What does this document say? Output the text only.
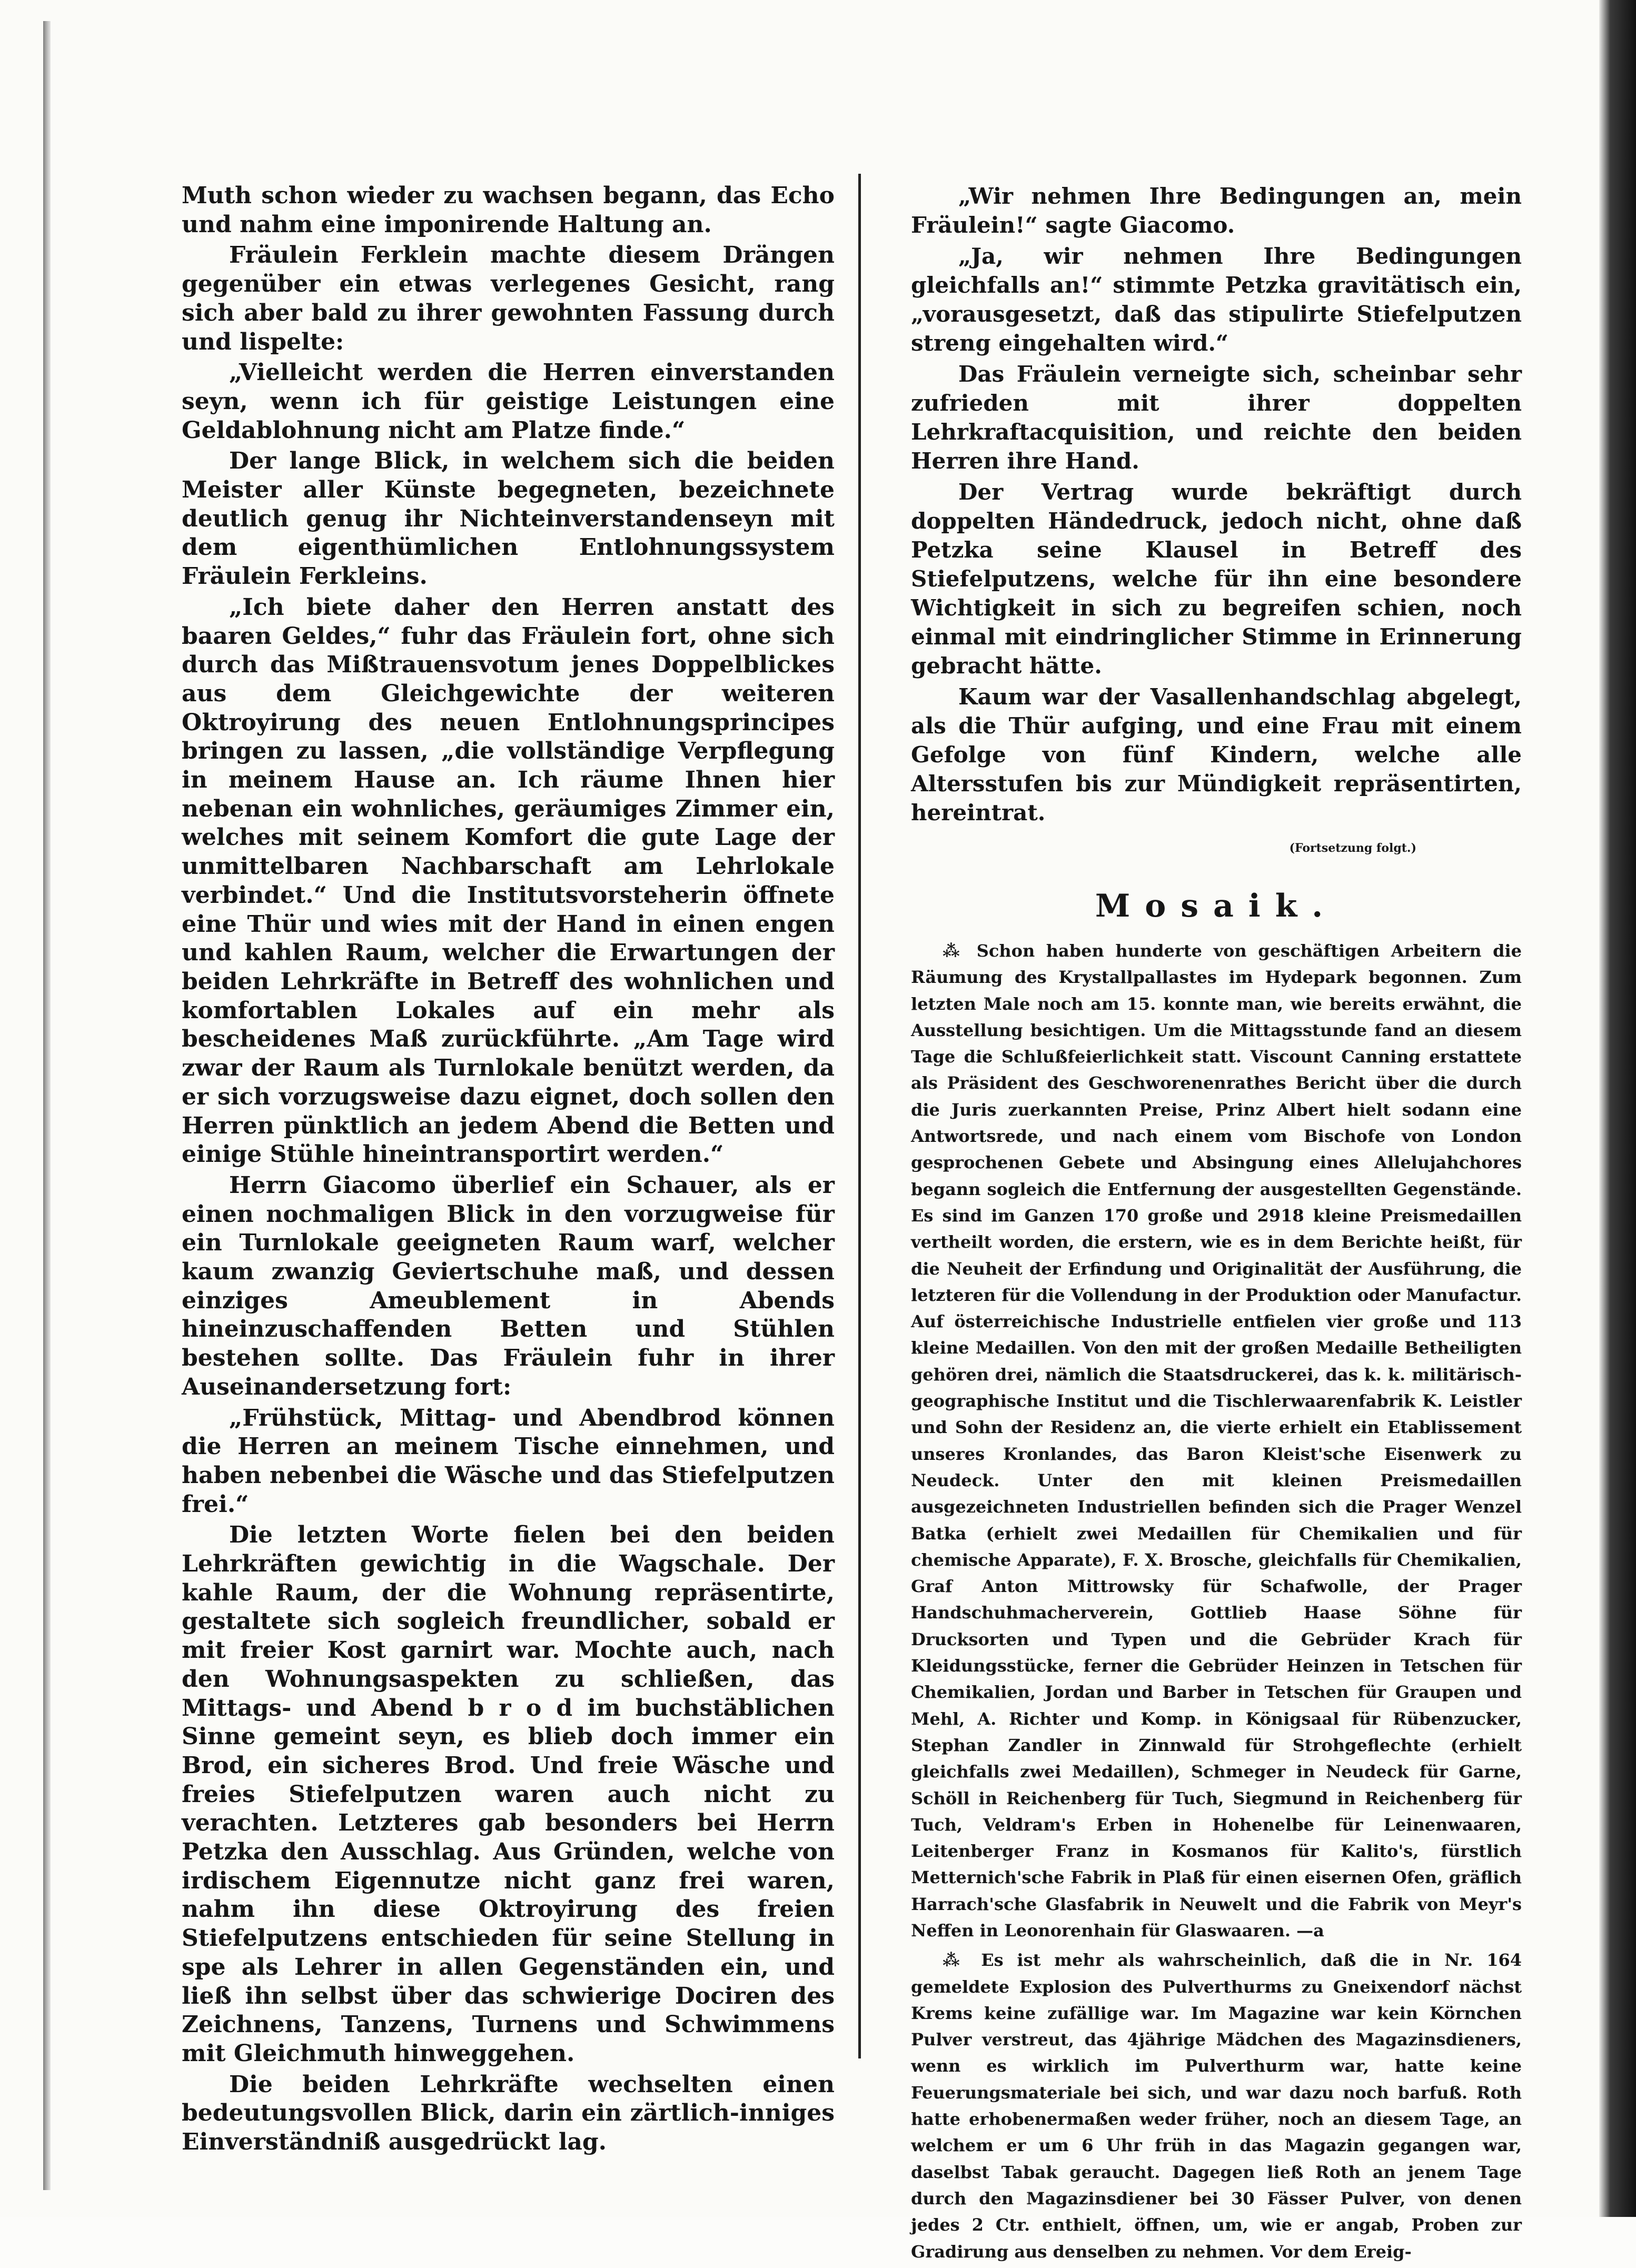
Muth schon wieder zu wachsen begann, das Echo und nahm eine imponirende Haltung an.

Fräulein Ferklein machte diesem Drängen gegenüber ein etwas verlegenes Gesicht, rang sich aber bald zu ihrer gewohnten Fassung durch und lispelte:

„Vielleicht werden die Herren einverstanden seyn, wenn ich für geistige Leistungen eine Geldablohnung nicht am Platze finde.“

Der lange Blick, in welchem sich die beiden Meister aller Künste begegneten, bezeichnete deutlich genug ihr Nichteinverstandenseyn mit dem eigenthümlichen Entlohnungssystem Fräulein Ferkleins.

„Ich biete daher den Herren anstatt des baaren Geldes,“ fuhr das Fräulein fort, ohne sich durch das Mißtrauensvotum jenes Doppelblickes aus dem Gleichgewichte der weiteren Oktroyirung des neuen Entlohnungsprincipes bringen zu lassen, „die vollständige Verpflegung in meinem Hause an. Ich räume Ihnen hier nebenan ein wohnliches, geräumiges Zimmer ein, welches mit seinem Komfort die gute Lage der unmittelbaren Nachbarschaft am Lehrlokale verbindet.“ Und die Institutsvorsteherin öffnete eine Thür und wies mit der Hand in einen engen und kahlen Raum, welcher die Erwartungen der beiden Lehrkräfte in Betreff des wohnlichen und komfortablen Lokales auf ein mehr als bescheidenes Maß zurückführte. „Am Tage wird zwar der Raum als Turnlokale benützt werden, da er sich vorzugsweise dazu eignet, doch sollen den Herren pünktlich an jedem Abend die Betten und einige Stühle hineintransportirt werden.“

Herrn Giacomo überlief ein Schauer, als er einen nochmaligen Blick in den vorzugweise für ein Turnlokale geeigneten Raum warf, welcher kaum zwanzig Geviertschuhe maß, und dessen einziges Ameublement in Abends hineinzuschaffenden Betten und Stühlen bestehen sollte. Das Fräulein fuhr in ihrer Auseinandersetzung fort:

„Frühstück, Mittag- und Abendbrod können die Herren an meinem Tische einnehmen, und haben nebenbei die Wäsche und das Stiefelputzen frei.“

Die letzten Worte fielen bei den beiden Lehrkräften gewichtig in die Wagschale. Der kahle Raum, der die Wohnung repräsentirte, gestaltete sich sogleich freundlicher, sobald er mit freier Kost garnirt war. Mochte auch, nach den Wohnungsaspekten zu schließen, das Mittags- und Abend b r o d im buchstäblichen Sinne gemeint seyn, es blieb doch immer ein Brod, ein sicheres Brod. Und freie Wäsche und freies Stiefelputzen waren auch nicht zu verachten. Letzteres gab besonders bei Herrn Petzka den Ausschlag. Aus Gründen, welche von irdischem Eigennutze nicht ganz frei waren, nahm ihn diese Oktroyirung des freien Stiefelputzens entschieden für seine Stellung in spe als Lehrer in allen Gegenständen ein, und ließ ihn selbst über das schwierige Dociren des Zeichnens, Tanzens, Turnens und Schwimmens mit Gleichmuth hinweggehen.

Die beiden Lehrkräfte wechselten einen bedeutungsvollen Blick, darin ein zärtlich-inniges Einverständniß ausgedrückt lag.

„Wir nehmen Ihre Bedingungen an, mein Fräulein!“ sagte Giacomo.

„Ja, wir nehmen Ihre Bedingungen gleichfalls an!“ stimmte Petzka gravitätisch ein, „vorausgesetzt, daß das stipulirte Stiefelputzen streng eingehalten wird.“

Das Fräulein verneigte sich, scheinbar sehr zufrieden mit ihrer doppelten Lehrkraftacquisition, und reichte den beiden Herren ihre Hand.

Der Vertrag wurde bekräftigt durch doppelten Händedruck, jedoch nicht, ohne daß Petzka seine Klausel in Betreff des Stiefelputzens, welche für ihn eine besondere Wichtigkeit in sich zu begreifen schien, noch einmal mit eindringlicher Stimme in Erinnerung gebracht hätte.

Kaum war der Vasallenhandschlag abgelegt, als die Thür aufging, und eine Frau mit einem Gefolge von fünf Kindern, welche alle Altersstufen bis zur Mündigkeit repräsentirten, hereintrat.

(Fortsetzung folgt.)
Mosaik.

⁂ Schon haben hunderte von geschäftigen Arbeitern die Räumung des Krystallpallastes im Hydepark begonnen. Zum letzten Male noch am 15. konnte man, wie bereits erwähnt, die Ausstellung besichtigen. Um die Mittagsstunde fand an diesem Tage die Schlußfeierlichkeit statt. Viscount Canning erstattete als Präsident des Geschworenenrathes Bericht über die durch die Juris zuerkannten Preise, Prinz Albert hielt sodann eine Antwortsrede, und nach einem vom Bischofe von London gesprochenen Gebete und Absingung eines Allelujahchores begann sogleich die Entfernung der ausgestellten Gegenstände. Es sind im Ganzen 170 große und 2918 kleine Preismedaillen vertheilt worden, die erstern, wie es in dem Berichte heißt, für die Neuheit der Erfindung und Originalität der Ausführung, die letzteren für die Vollendung in der Produktion oder Manufactur. Auf österreichische Industrielle entfielen vier große und 113 kleine Medaillen. Von den mit der großen Medaille Betheiligten gehören drei, nämlich die Staatsdruckerei, das k. k. militärisch-geographische Institut und die Tischlerwaarenfabrik K. Leistler und Sohn der Residenz an, die vierte erhielt ein Etablissement unseres Kronlandes, das Baron Kleist'sche Eisenwerk zu Neudeck. Unter den mit kleinen Preismedaillen ausgezeichneten Industriellen befinden sich die Prager Wenzel Batka (erhielt zwei Medaillen für Chemikalien und für chemische Apparate), F. X. Brosche, gleichfalls für Chemikalien, Graf Anton Mittrowsky für Schafwolle, der Prager Handschuhmacherverein, Gottlieb Haase Söhne für Drucksorten und Typen und die Gebrüder Krach für Kleidungsstücke, ferner die Gebrüder Heinzen in Tetschen für Chemikalien, Jordan und Barber in Tetschen für Graupen und Mehl, A. Richter und Komp. in Königsaal für Rübenzucker, Stephan Zandler in Zinnwald für Strohgeflechte (erhielt gleichfalls zwei Medaillen), Schmeger in Neudeck für Garne, Schöll in Reichenberg für Tuch, Siegmund in Reichenberg für Tuch, Veldram's Erben in Hohenelbe für Leinenwaaren, Leitenberger Franz in Kosmanos für Kalito's, fürstlich Metternich'sche Fabrik in Plaß für einen eisernen Ofen, gräflich Harrach'sche Glasfabrik in Neuwelt und die Fabrik von Meyr's Neffen in Leonorenhain für Glaswaaren. —a

⁂ Es ist mehr als wahrscheinlich, daß die in Nr. 164 gemeldete Explosion des Pulverthurms zu Gneixendorf nächst Krems keine zufällige war. Im Magazine war kein Körnchen Pulver verstreut, das 4jährige Mädchen des Magazinsdieners, wenn es wirklich im Pulverthurm war, hatte keine Feuerungsmateriale bei sich, und war dazu noch barfuß. Roth hatte erhobenermaßen weder früher, noch an diesem Tage, an welchem er um 6 Uhr früh in das Magazin gegangen war, daselbst Tabak geraucht. Dagegen ließ Roth an jenem Tage durch den Magazinsdiener bei 30 Fässer Pulver, von denen jedes 2 Ctr. enthielt, öffnen, um, wie er angab, Proben zur Gradirung aus denselben zu nehmen. Vor dem Ereig-
